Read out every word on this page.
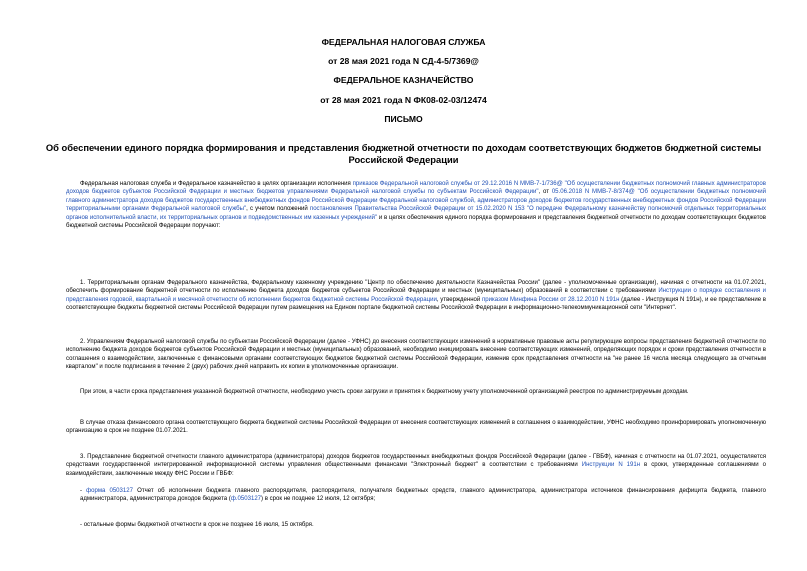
ФЕДЕРАЛЬНАЯ НАЛОГОВАЯ СЛУЖБА
от 28 мая 2021 года N СД-4-5/7369@
ФЕДЕРАЛЬНОЕ КАЗНАЧЕЙСТВО
от 28 мая 2021 года N ФК08-02-03/12474
ПИСЬМО
Об обеспечении единого порядка формирования и представления бюджетной отчетности по доходам соответствующих бюджетов бюджетной системы Российской Федерации
Федеральная налоговая служба и Федеральное казначейство в целях организации исполнения приказов Федеральной налоговой службы от 29.12.2016 N ММВ-7-1/736@ "Об осуществлении бюджетных полномочий главных администраторов доходов бюджетов субъектов Российской Федерации и местных бюджетов управлениями Федеральной налоговой службы по субъектам Российской Федерации", от 05.06.2018 N ММВ-7-8/374@ "Об осуществлении бюджетных полномочий главного администратора доходов бюджетов государственных внебюджетных фондов Российской Федерации Федеральной налоговой службой, администраторов доходов бюджетов государственных внебюджетных фондов Российской Федерации территориальными органами Федеральной налоговой службы", с учетом положений постановления Правительства Российской Федерации от 15.02.2020 N 153 "О передаче Федеральному казначейству полномочий отдельных территориальных органов исполнительной власти, их территориальных органов и подведомственных им казенных учреждений" и в целях обеспечения единого порядка формирования и представления бюджетной отчетности по доходам соответствующих бюджетов бюджетной системы Российской Федерации поручают:
1. Территориальным органам Федерального казначейства, Федеральному казенному учреждению "Центр по обеспечению деятельности Казначейства России" (далее - уполномоченные организации), начиная с отчетности на 01.07.2021, обеспечить формирование бюджетной отчетности по исполнению бюджета доходов бюджетов субъектов Российской Федерации и местных (муниципальных) образований в соответствии с требованиями Инструкции о порядке составления и представления годовой, квартальной и месячной отчетности об исполнении бюджетов бюджетной системы Российской Федерации, утвержденной приказом Минфина России от 28.12.2010 N 191н (далее - Инструкция N 191н), и ее представление в соответствующие бюджеты бюджетной системы Российской Федерации путем размещения на Едином портале бюджетной системы Российской Федерации в информационно-телекоммуникационной сети "Интернет".
2. Управлениям Федеральной налоговой службы по субъектам Российской Федерации (далее - УФНС) до внесения соответствующих изменений в нормативные правовые акты регулирующие вопросы представления бюджетной отчетности по исполнению бюджета доходов бюджетов субъектов Российской Федерации и местных (муниципальных) образований, необходимо инициировать внесение соответствующих изменений, определяющих порядок и сроки представления отчетности в соглашения о взаимодействии, заключенные с финансовыми органами соответствующих бюджетов бюджетной системы Российской Федерации, изменив срок представления отчетности на "не ранее 16 числа месяца следующего за отчетным кварталом" и после подписания в течение 2 (двух) рабочих дней направить их копии в уполномоченные организации.
При этом, в части срока представления указанной бюджетной отчетности, необходимо учесть сроки загрузки и принятия к бюджетному учету уполномоченной организацией реестров по администрируемым доходам.
В случае отказа финансового органа соответствующего бюджета бюджетной системы Российской Федерации от внесения соответствующих изменений в соглашения о взаимодействии, УФНС необходимо проинформировать уполномоченную организацию в срок не позднее 01.07.2021.
3. Представление бюджетной отчетности главного администратора (администратора) доходов бюджетов государственных внебюджетных фондов Российской Федерации (далее - ГВБФ), начиная с отчетности на 01.07.2021, осуществляется средствами государственной интегрированной информационной системы управления общественными финансами "Электронный бюджет" в соответствии с требованиями Инструкции N 191н в сроки, утвержденные соглашениями о взаимодействии, заключенные между ФНС России и ГВБФ:
- форма 0503127 Отчет об исполнении бюджета главного распорядителя, распорядителя, получателя бюджетных средств, главного администратора, администратора источников финансирования дефицита бюджета, главного администратора, администратора доходов бюджета (ф.0503127) в срок не позднее 12 июля, 12 октября;
- остальные формы бюджетной отчетности в срок не позднее 16 июля, 15 октября.
